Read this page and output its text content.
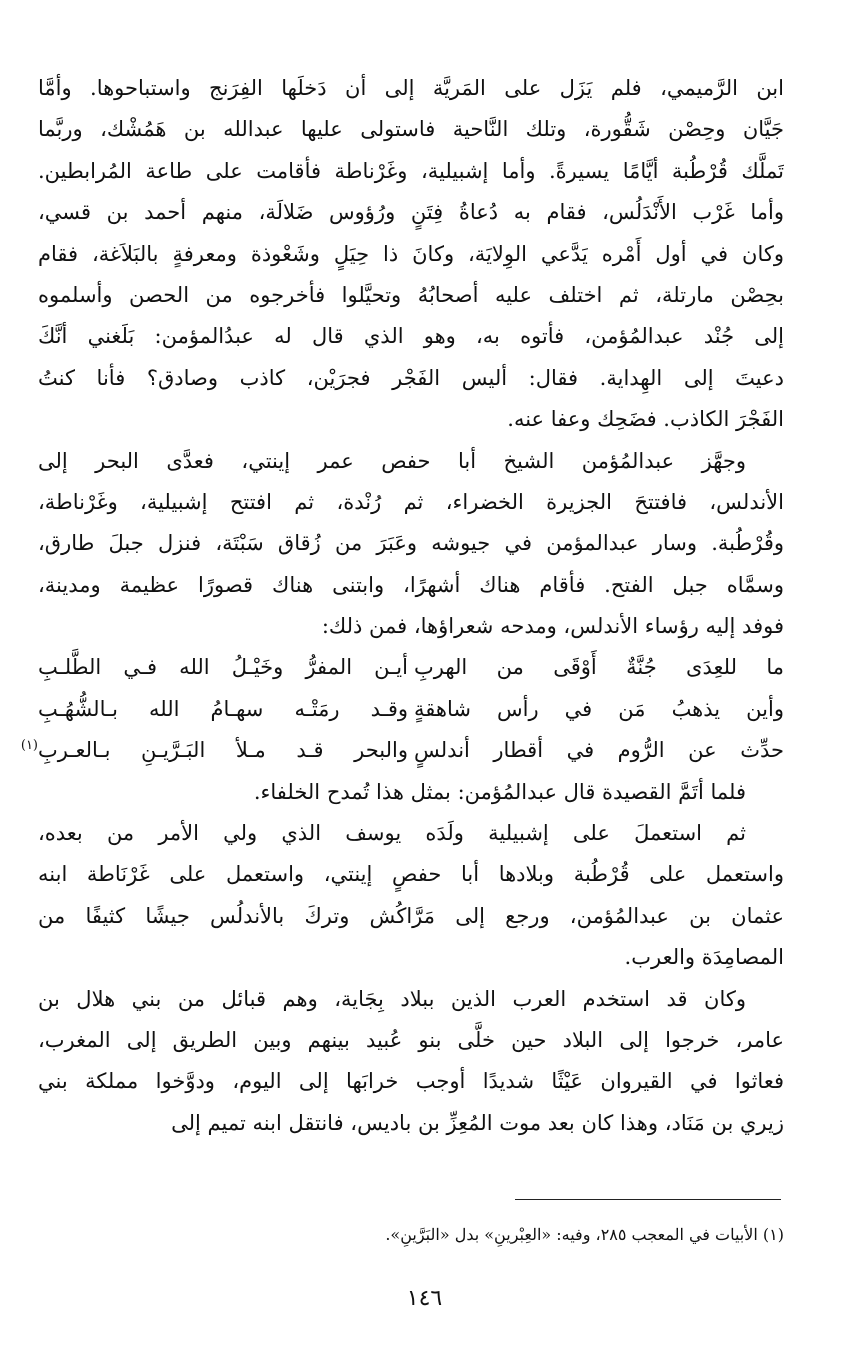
ابن الرَّميمي، فلم يَزَل على المَريَّة إلى أن دَخلَها الفِرَنج واستباحوها. وأمَّا
جَيَّان وحِصْن شَقُّورة، وتلك النَّاحية فاستولى عليها عبدالله بن هَمُشْك، وربَّما
تَملَّك قُرْطُبة أيَّامًا يسيرةً. وأما إشبيلية، وغَرْناطة فأقامت على طاعة المُرابطين.
وأما غَرْب الأَنْدَلُس، فقام به دُعاةُ فِتَنٍ ورُؤوس ضَلالَة، منهم أحمد بن قسي،
وكان في أول أَمْره يَدَّعي الوِلايَة، وكانَ ذا حِيَلٍ وشَعْوذة ومعرفةٍ بالبَلاَغة، فقام
بحِصْن مارتلة، ثم اختلف عليه أصحابُهُ وتحيَّلوا فأخرجوه من الحصن وأسلموه
إلى جُنْد عبدالمُؤمن، فأتوه به، وهو الذي قال له عبدُالمؤمن: بَلَغني أنَّكَ
دعيتَ إلى الهِداية. فقال: أليس الفَجْر فجرَيْن، كاذب وصادق؟ فأنا كنتُ
الفَجْرَ الكاذب. فضَحِك وعفا عنه.
وجهَّز عبدالمُؤمن الشيخ أبا حفص عمر إينتي، فعدَّى البحر إلى
الأندلس، فافتتحَ الجزيرة الخضراء، ثم رُنْدة، ثم افتتح إشبيلية، وغَرْناطة،
وقُرْطُبة. وسار عبدالمؤمن في جيوشه وعَبَرَ من زُقاق سَبْتَة، فنزل جبلَ طارق،
وسمَّاه جبل الفتح. فأقام هناك أشهرًا، وابتنى هناك قصورًا عظيمة ومدينة،
فوفد إليه رؤساء الأندلس، ومدحه شعراؤها، فمن ذلك:
ما للعِدَى جُنَّةٌ أَوْقَى من الهربِأيـن المفرُّ وخَيْـلُ الله فـي الطَّلـبِ
وأين يذهبُ مَن في رأس شاهقةٍوقـد رمَتْـه سهـامُ الله بـالشُّهُـبِ
حدِّث عن الرُّوم في أقطار أندلسٍوالبحر قـد مـلأ البَـرَّيـنِ بـالعـربِ$^{(١)}$
فلما أتَمَّ القصيدة قال عبدالمُؤمن: بمثل هذا تُمدح الخلفاء.
ثم استعملَ على إشبيلية ولَدَه يوسف الذي ولي الأمر من بعده،
واستعمل على قُرْطُبة وبلادها أبا حفصٍ إينتي، واستعمل على غَرْنَاطة ابنه
عثمان بن عبدالمُؤمن، ورجع إلى مَرَّاكُش وتركَ بالأندلُس جيشًا كثيفًا من
المصامِدَة والعرب.
وكان قد استخدم العرب الذين ببلاد بِجَاية، وهم قبائل من بني هلال بن
عامر، خرجوا إلى البلاد حين خلَّى بنو عُبيد بينهم وبين الطريق إلى المغرب،
فعاثوا في القيروان عَيْثًا شديدًا أوجب خرابَها إلى اليوم، ودوَّخوا مملكة بني
زيري بن مَنَاد، وهذا كان بعد موت المُعِزِّ بن باديس، فانتقل ابنه تميم إلى
(١) الأبيات في المعجب ٢٨٥، وفيه: «العِبْرينِ» بدل «البَرَّينِ».
١٤٦
